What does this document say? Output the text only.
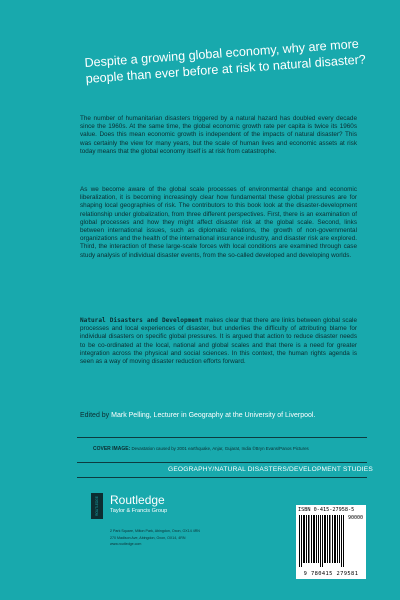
Despite a growing global economy, why are more people than ever before at risk to natural disaster?

The number of humanitarian disasters triggered by a natural hazard has doubled every decade since the 1960s. At the same time, the global economic growth rate per capita is twice its 1960s value. Does this mean economic growth is independent of the impacts of natural disaster? This was certainly the view for many years, but the scale of human lives and economic assets at risk today means that the global economy itself is at risk from catastrophe.

As we become aware of the global scale processes of environmental change and economic liberalization, it is becoming increasingly clear how fundamental these global pressures are for shaping local geographies of risk. The contributors to this book look at the disaster-development relationship under globalization, from three different perspectives. First, there is an examination of global processes and how they might affect disaster risk at the global scale. Second, links between international issues, such as diplomatic relations, the growth of non-governmental organizations and the health of the international insurance industry, and disaster risk are explored. Third, the interaction of these large-scale forces with local conditions are examined through case study analysis of individual disaster events, from the so-called developed and developing worlds.

Natural Disasters and Development makes clear that there are links between global scale processes and local experiences of disaster, but underlies the difficulty of attributing blame for individual disasters on specific global pressures. It is argued that action to reduce disaster needs to be co-ordinated at the local, national and global scales and that there is a need for greater integration across the physical and social sciences. In this context, the human rights agenda is seen as a way of moving disaster reduction efforts forward.

Edited by Mark Pelling, Lecturer in Geography at the University of Liverpool.

COVER IMAGE: Devastation caused by 2001 earthquake, Anjar, Gujarat, India ©Bryn Evans/Panos Pictures

GEOGRAPHY/NATURAL DISASTERS/DEVELOPMENT STUDIES

ROUTLEDGE Routledge

Taylor & Francis Group

2 Park Square, Milton Park, Abingdon, Oxon, OX14 4RN
270 Madison Ave, Abingdon, Oxon, OX14, 4RN
www.routledge.com

ISBN 0-415-27958-5

90000

9 780415 279581
